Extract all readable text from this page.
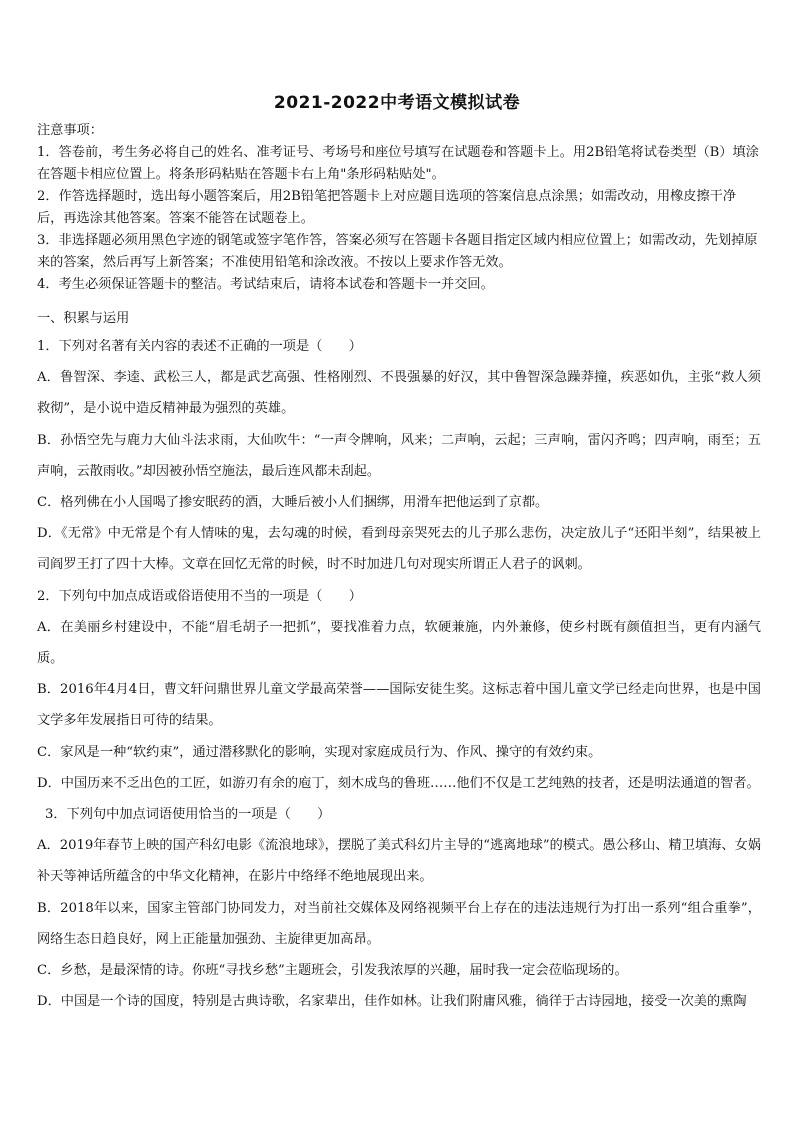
2021-2022中考语文模拟试卷
注意事项：
1．答卷前，考生务必将自己的姓名、准考证号、考场号和座位号填写在试题卷和答题卡上。用2B铅笔将试卷类型（B）填涂在答题卡相应位置上。将条形码粘贴在答题卡右上角"条形码粘贴处"。
2．作答选择题时，选出每小题答案后，用2B铅笔把答题卡上对应题目选项的答案信息点涂黑；如需改动，用橡皮擦干净后，再选涂其他答案。答案不能答在试题卷上。
3．非选择题必须用黑色字迹的钢笔或签字笔作答，答案必须写在答题卡各题目指定区域内相应位置上；如需改动，先划掉原来的答案，然后再写上新答案；不准使用铅笔和涂改液。不按以上要求作答无效。
4．考生必须保证答题卡的整洁。考试结束后，请将本试卷和答题卡一并交回。
一、积累与运用

1．下列对名著有关内容的表述不正确的一项是（　　）

A．鲁智深、李逵、武松三人，都是武艺高强、性格刚烈、不畏强暴的好汉，其中鲁智深急躁莽撞，疾恶如仇，主张“救人须救彻”，是小说中造反精神最为强烈的英雄。

B．孙悟空先与鹿力大仙斗法求雨，大仙吹牛：“一声令牌响，风来；二声响，云起；三声响，雷闪齐鸣；四声响，雨至；五声响，云散雨收。”却因被孙悟空施法，最后连风都未刮起。

C．格列佛在小人国喝了掺安眠药的酒，大睡后被小人们捆绑，用滑车把他运到了京都。

D．《无常》中无常是个有人情味的鬼，去勾魂的时候，看到母亲哭死去的儿子那么悲伤，决定放儿子“还阳半刻”，结果被上司阎罗王打了四十大棒。文章在回忆无常的时候，时不时加进几句对现实所谓正人君子的讽刺。

2．下列句中加点成语或俗语使用不当的一项是（　　）

A．在美丽乡村建设中，不能“眉毛胡子一把抓”，要找准着力点，软硬兼施，内外兼修，使乡村既有颜值担当，更有内涵气质。

B．2016年4月4日，曹文轩问鼎世界儿童文学最高荣誉——国际安徒生奖。这标志着中国儿童文学已经走向世界，也是中国文学多年发展指日可待的结果。

C．家风是一种“软约束”，通过潜移默化的影响，实现对家庭成员行为、作风、操守的有效约束。

D．中国历来不乏出色的工匠，如游刃有余的庖丁，刻木成鸟的鲁班……他们不仅是工艺纯熟的技者，还是明法通道的智者。

3．下列句中加点词语使用恰当的一项是（　　）

A．2019年春节上映的国产科幻电影《流浪地球》，摆脱了美式科幻片主导的“逃离地球”的模式。愚公移山、精卫填海、女娲补天等神话所蕴含的中华文化精神，在影片中络绎不绝地展现出来。

B．2018年以来，国家主管部门协同发力，对当前社交媒体及网络视频平台上存在的违法违规行为打出一系列“组合重拳”，网络生态日趋良好，网上正能量加强劲、主旋律更加高昂。

C．乡愁，是最深情的诗。你班“寻找乡愁”主题班会，引发我浓厚的兴趣，届时我一定会莅临现场的。

D．中国是一个诗的国度，特别是古典诗歌，名家辈出，佳作如林。让我们附庸风雅，徜徉于古诗园地，接受一次美的熏陶
